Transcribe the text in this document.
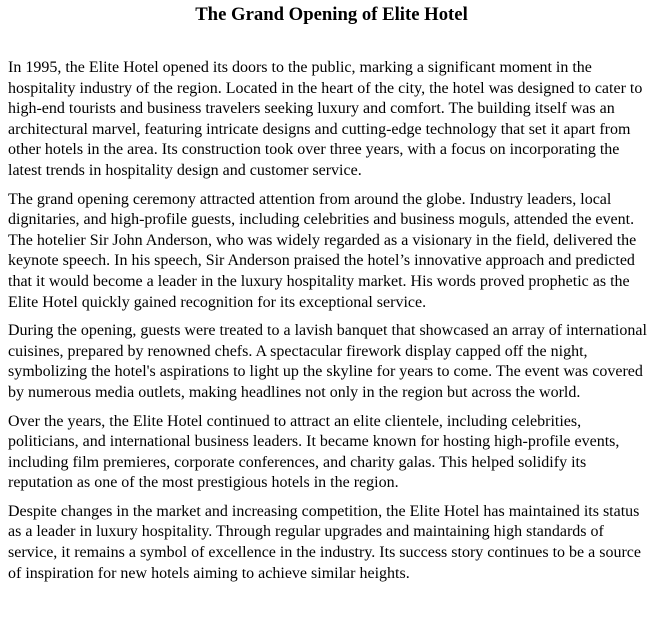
The Grand Opening of Elite Hotel

In 1995, the Elite Hotel opened its doors to the public, marking a significant moment in the hospitality industry of the region. Located in the heart of the city, the hotel was designed to cater to high-end tourists and business travelers seeking luxury and comfort. The building itself was an architectural marvel, featuring intricate designs and cutting-edge technology that set it apart from other hotels in the area. Its construction took over three years, with a focus on incorporating the latest trends in hospitality design and customer service.

The grand opening ceremony attracted attention from around the globe. Industry leaders, local dignitaries, and high-profile guests, including celebrities and business moguls, attended the event. The hotelier Sir John Anderson, who was widely regarded as a visionary in the field, delivered the keynote speech. In his speech, Sir Anderson praised the hotel’s innovative approach and predicted that it would become a leader in the luxury hospitality market. His words proved prophetic as the Elite Hotel quickly gained recognition for its exceptional service.

During the opening, guests were treated to a lavish banquet that showcased an array of international cuisines, prepared by renowned chefs. A spectacular firework display capped off the night, symbolizing the hotel's aspirations to light up the skyline for years to come. The event was covered by numerous media outlets, making headlines not only in the region but across the world.

Over the years, the Elite Hotel continued to attract an elite clientele, including celebrities, politicians, and international business leaders. It became known for hosting high-profile events, including film premieres, corporate conferences, and charity galas. This helped solidify its reputation as one of the most prestigious hotels in the region.

Despite changes in the market and increasing competition, the Elite Hotel has maintained its status as a leader in luxury hospitality. Through regular upgrades and maintaining high standards of service, it remains a symbol of excellence in the industry. Its success story continues to be a source of inspiration for new hotels aiming to achieve similar heights.
